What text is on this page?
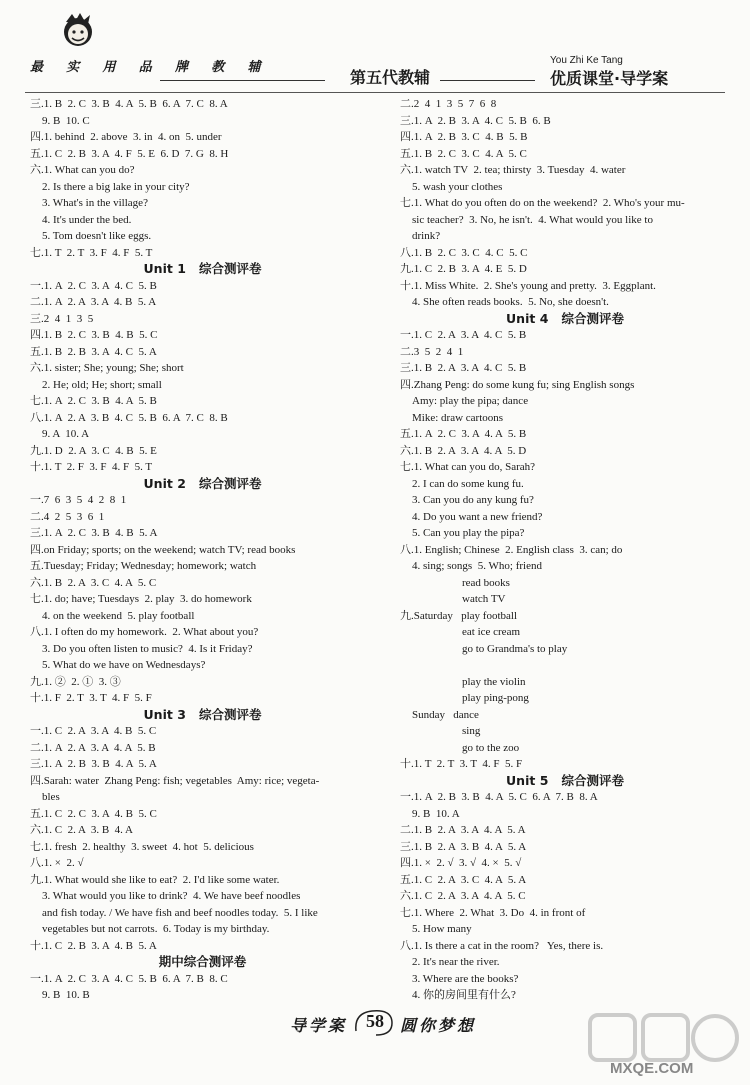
最 实 用 品 牌 教 辅
第五代教辅
You Zhi Ke Tang
优质课堂·导学案
三.1. B  2. C  3. B  4. A  5. B  6. A  7. C  8. A
9. B  10. C
四.1. behind  2. above  3. in  4. on  5. under
五.1. C  2. B  3. A  4. F  5. E  6. D  7. G  8. H
六.1. What can you do?
2. Is there a big lake in your city?
3. What's in the village?
4. It's under the bed.
5. Tom doesn't like eggs.
七.1. T  2. T  3. F  4. F  5. T
Unit 1   综合测评卷
一.1. A  2. C  3. A  4. C  5. B
二.1. A  2. A  3. A  4. B  5. A
三.2  4  1  3  5
四.1. B  2. C  3. B  4. B  5. C
五.1. B  2. B  3. A  4. C  5. A
六.1. sister; She; young; She; short
2. He; old; He; short; small
七.1. A  2. C  3. B  4. A  5. B
八.1. A  2. A  3. B  4. C  5. B  6. A  7. C  8. B
9. A  10. A
九.1. D  2. A  3. C  4. B  5. E
十.1. T  2. F  3. F  4. F  5. T
Unit 2   综合测评卷
一.7  6  3  5  4  2  8  1
二.4  2  5  3  6  1
三.1. A  2. C  3. B  4. B  5. A
四.on Friday; sports; on the weekend; watch TV; read books
五.Tuesday; Friday; Wednesday; homework; watch
六.1. B  2. A  3. C  4. A  5. C
七.1. do; have; Tuesdays  2. play  3. do homework
4. on the weekend  5. play football
八.1. I often do my homework.  2. What about you?
3. Do you often listen to music?  4. Is it Friday?
5. What do we have on Wednesdays?
九.1. ②  2. ①  3. ③
十.1. F  2. T  3. T  4. F  5. F
Unit 3   综合测评卷
一.1. C  2. A  3. A  4. B  5. C
二.1. A  2. A  3. A  4. A  5. B
三.1. A  2. B  3. B  4. A  5. A
四.Sarah: water  Zhang Peng: fish; vegetables  Amy: rice; vegeta-
bles
五.1. C  2. C  3. A  4. B  5. C
六.1. C  2. A  3. B  4. A
七.1. fresh  2. healthy  3. sweet  4. hot  5. delicious
八.1. ×  2. √
九.1. What would she like to eat?  2. I'd like some water.
3. What would you like to drink?  4. We have beef noodles
and fish today. / We have fish and beef noodles today.  5. I like
vegetables but not carrots.  6. Today is my birthday.
十.1. C  2. B  3. A  4. B  5. A
期中综合测评卷
一.1. A  2. C  3. A  4. C  5. B  6. A  7. B  8. C
9. B  10. B
二.2  4  1  3  5  7  6  8
三.1. A  2. B  3. A  4. C  5. B  6. B
四.1. A  2. B  3. C  4. B  5. B
五.1. B  2. C  3. C  4. A  5. C
六.1. watch TV  2. tea; thirsty  3. Tuesday  4. water
5. wash your clothes
七.1. What do you often do on the weekend?  2. Who's your mu-
sic teacher?  3. No, he isn't.  4. What would you like to
drink?
八.1. B  2. C  3. C  4. C  5. C
九.1. C  2. B  3. A  4. E  5. D
十.1. Miss White.  2. She's young and pretty.  3. Eggplant.
4. She often reads books.  5. No, she doesn't.
Unit 4   综合测评卷
一.1. C  2. A  3. A  4. C  5. B
二.3  5  2  4  1
三.1. B  2. A  3. A  4. C  5. B
四.Zhang Peng: do some kung fu; sing English songs
Amy: play the pipa; dance
Mike: draw cartoons
五.1. A  2. C  3. A  4. A  5. B
六.1. B  2. A  3. A  4. A  5. D
七.1. What can you do, Sarah?
2. I can do some kung fu.
3. Can you do any kung fu?
4. Do you want a new friend?
5. Can you play the pipa?
八.1. English; Chinese  2. English class  3. can; do
4. sing; songs  5. Who; friend
read books
watch TV
九.Saturday   play football
eat ice cream
go to Grandma's to play
play the violin
play ping-pong
Sunday   dance
sing
go to the zoo
十.1. T  2. T  3. T  4. F  5. F
Unit 5   综合测评卷
一.1. A  2. B  3. B  4. A  5. C  6. A  7. B  8. A
9. B  10. A
二.1. B  2. A  3. A  4. A  5. A
三.1. B  2. A  3. B  4. A  5. A
四.1. ×  2. √  3. √  4. ×  5. √
五.1. C  2. A  3. C  4. A  5. A
六.1. C  2. A  3. A  4. A  5. C
七.1. Where  2. What  3. Do  4. in front of
5. How many
八.1. Is there a cat in the room?   Yes, there is.
2. It's near the river.
3. Where are the books?
4. 你的房间里有什么?
导学案	58	圆你梦想
MXQE.COM
